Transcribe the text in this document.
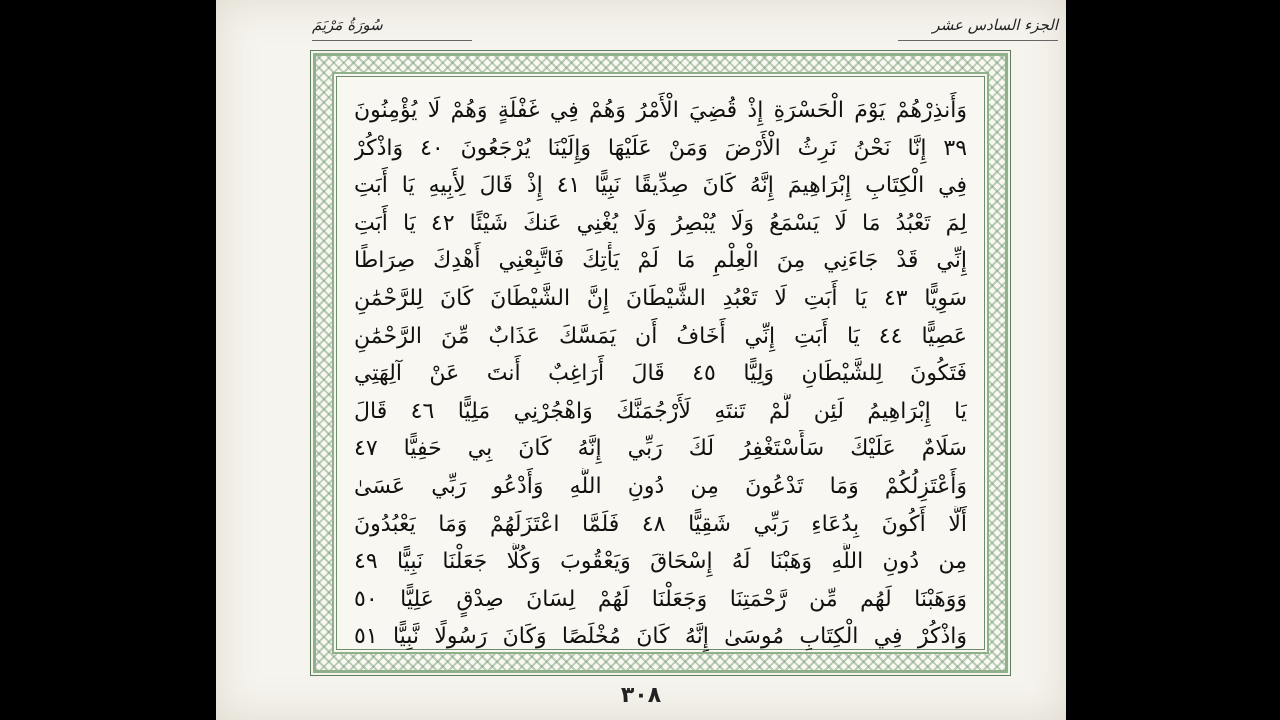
سُورَةُ مَرْيَمَ	الجزء السادس عشر
وَأَنذِرْهُمْ يَوْمَ الْحَسْرَةِ إِذْ قُضِيَ الْأَمْرُ وَهُمْ فِي غَفْلَةٍ وَهُمْ لَا يُؤْمِنُونَ
٣٩ إِنَّا نَحْنُ نَرِثُ الْأَرْضَ وَمَنْ عَلَيْهَا وَإِلَيْنَا يُرْجَعُونَ ٤٠ وَاذْكُرْ
فِي الْكِتَابِ إِبْرَاهِيمَ إِنَّهُ كَانَ صِدِّيقًا نَبِيًّا ٤١ إِذْ قَالَ لِأَبِيهِ يَا أَبَتِ
لِمَ تَعْبُدُ مَا لَا يَسْمَعُ وَلَا يُبْصِرُ وَلَا يُغْنِي عَنكَ شَيْئًا ٤٢ يَا أَبَتِ
إِنِّي قَدْ جَاءَنِي مِنَ الْعِلْمِ مَا لَمْ يَأْتِكَ فَاتَّبِعْنِي أَهْدِكَ صِرَاطًا
سَوِيًّا ٤٣ يَا أَبَتِ لَا تَعْبُدِ الشَّيْطَانَ إِنَّ الشَّيْطَانَ كَانَ لِلرَّحْمَٰنِ
عَصِيًّا ٤٤ يَا أَبَتِ إِنِّي أَخَافُ أَن يَمَسَّكَ عَذَابٌ مِّنَ الرَّحْمَٰنِ
فَتَكُونَ لِلشَّيْطَانِ وَلِيًّا ٤٥ قَالَ أَرَاغِبٌ أَنتَ عَنْ آلِهَتِي
يَا إِبْرَاهِيمُ لَئِن لَّمْ تَنتَهِ لَأَرْجُمَنَّكَ وَاهْجُرْنِي مَلِيًّا ٤٦ قَالَ
سَلَامٌ عَلَيْكَ سَأَسْتَغْفِرُ لَكَ رَبِّي إِنَّهُ كَانَ بِي حَفِيًّا ٤٧
وَأَعْتَزِلُكُمْ وَمَا تَدْعُونَ مِن دُونِ اللَّهِ وَأَدْعُو رَبِّي عَسَىٰ
أَلَّا أَكُونَ بِدُعَاءِ رَبِّي شَقِيًّا ٤٨ فَلَمَّا اعْتَزَلَهُمْ وَمَا يَعْبُدُونَ
مِن دُونِ اللَّهِ وَهَبْنَا لَهُ إِسْحَاقَ وَيَعْقُوبَ وَكُلًّا جَعَلْنَا نَبِيًّا ٤٩
وَوَهَبْنَا لَهُم مِّن رَّحْمَتِنَا وَجَعَلْنَا لَهُمْ لِسَانَ صِدْقٍ عَلِيًّا ٥٠
وَاذْكُرْ فِي الْكِتَابِ مُوسَىٰ إِنَّهُ كَانَ مُخْلَصًا وَكَانَ رَسُولًا نَّبِيًّا ٥١
٣٠٨
